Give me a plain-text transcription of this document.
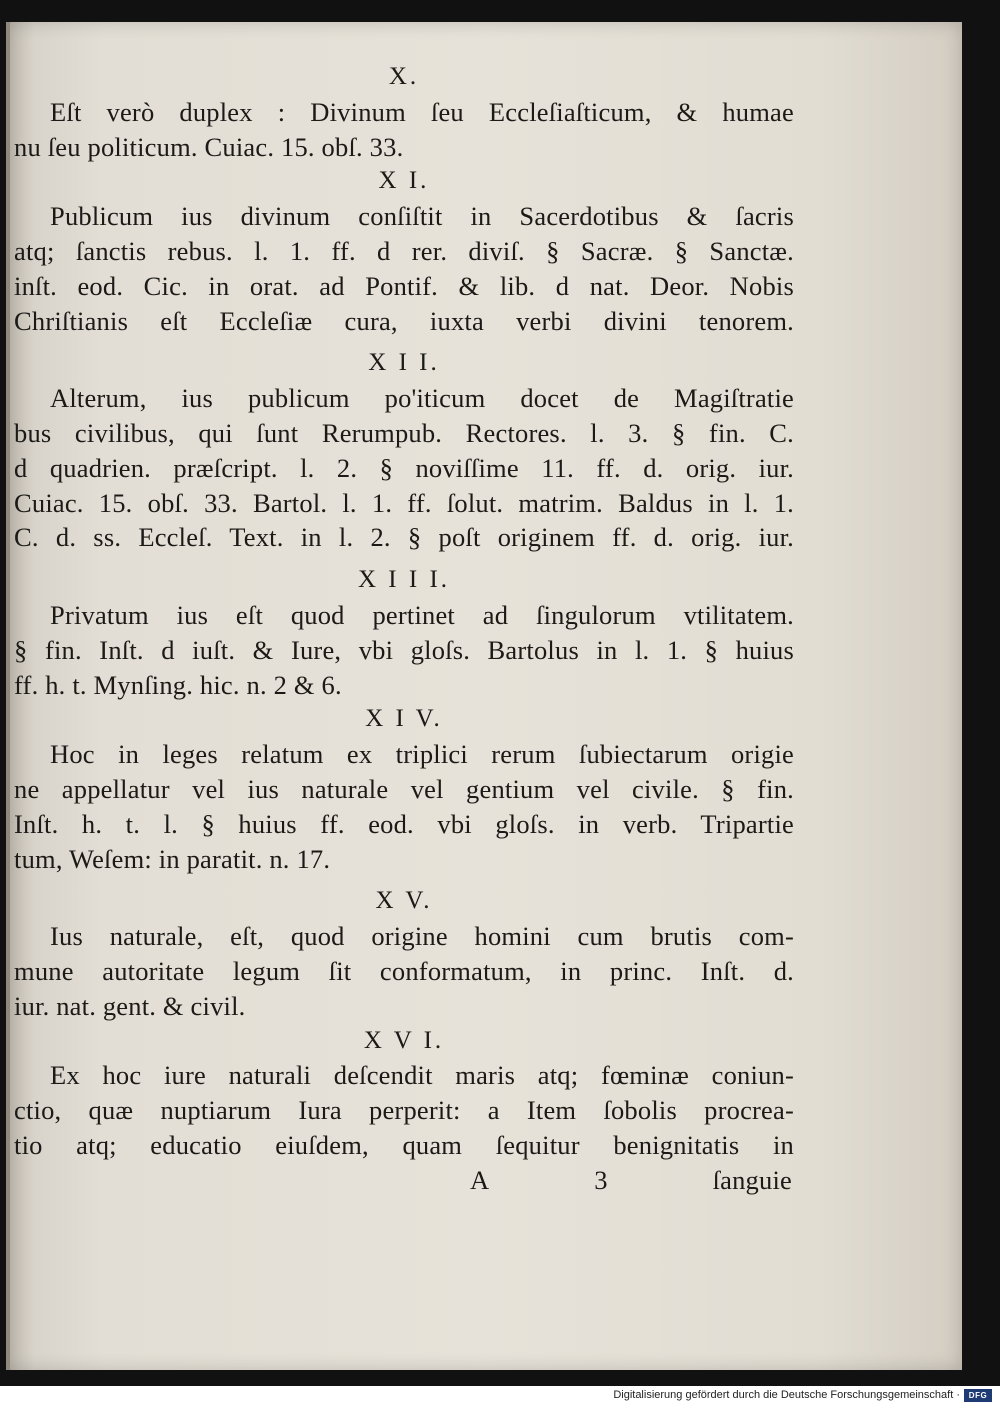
X.
Eſt verò duplex : Divinum ſeu Eccleſiaſticum, & humae
nu ſeu politicum. Cuiac. 15. obſ. 33.
X I.
Publicum ius divinum conſiſtit in Sacerdotibus & ſacris
atq; ſanctis rebus. l. 1. ff. d rer. diviſ. § Sacræ. § Sanctæ.
inſt. eod. Cic. in orat. ad Pontif. & lib. d nat. Deor. Nobis
Chriſtianis eſt Eccleſiæ cura, iuxta verbi divini tenorem.
X I I.
Alterum, ius publicum po'iticum docet de Magiſtratie
bus civilibus, qui ſunt Rerumpub. Rectores. l. 3. § fin. C.
d quadrien. præſcript. l. 2. § noviſſime 11. ff. d. orig. iur.
Cuiac. 15. obſ. 33. Bartol. l. 1. ff. ſolut. matrim. Baldus in l. 1.
C. d. ss. Eccleſ. Text. in l. 2. § poſt originem ff. d. orig. iur.
X I I I.
Privatum ius eſt quod pertinet ad ſingulorum vtilitatem.
§ fin. Inſt. d iuſt. & Iure, vbi gloſs. Bartolus in l. 1. § huius
ff. h. t. Mynſing. hic. n. 2 & 6.
X I V.
Hoc in leges relatum ex triplici rerum ſubiectarum origie
ne appellatur vel ius naturale vel gentium vel civile. § fin.
Inſt. h. t. l. § huius ff. eod. vbi gloſs. in verb. Tripartie
tum, Weſem: in paratit. n. 17.
X V.
Ius naturale, eſt, quod origine homini cum brutis com-
mune autoritate legum ſit conformatum, in princ. Inſt. d.
iur. nat. gent. & civil.
X V I.
Ex hoc iure naturali deſcendit maris atq; fœminæ coniun-
ctio, quæ nuptiarum Iura perperit: a Item ſobolis procrea-
tio atq; educatio eiuſdem, quam ſequitur benignitatis in
A	3	ſanguie
Digitalisierung gefördert durch die Deutsche Forschungsgemeinschaft ·	DFG
